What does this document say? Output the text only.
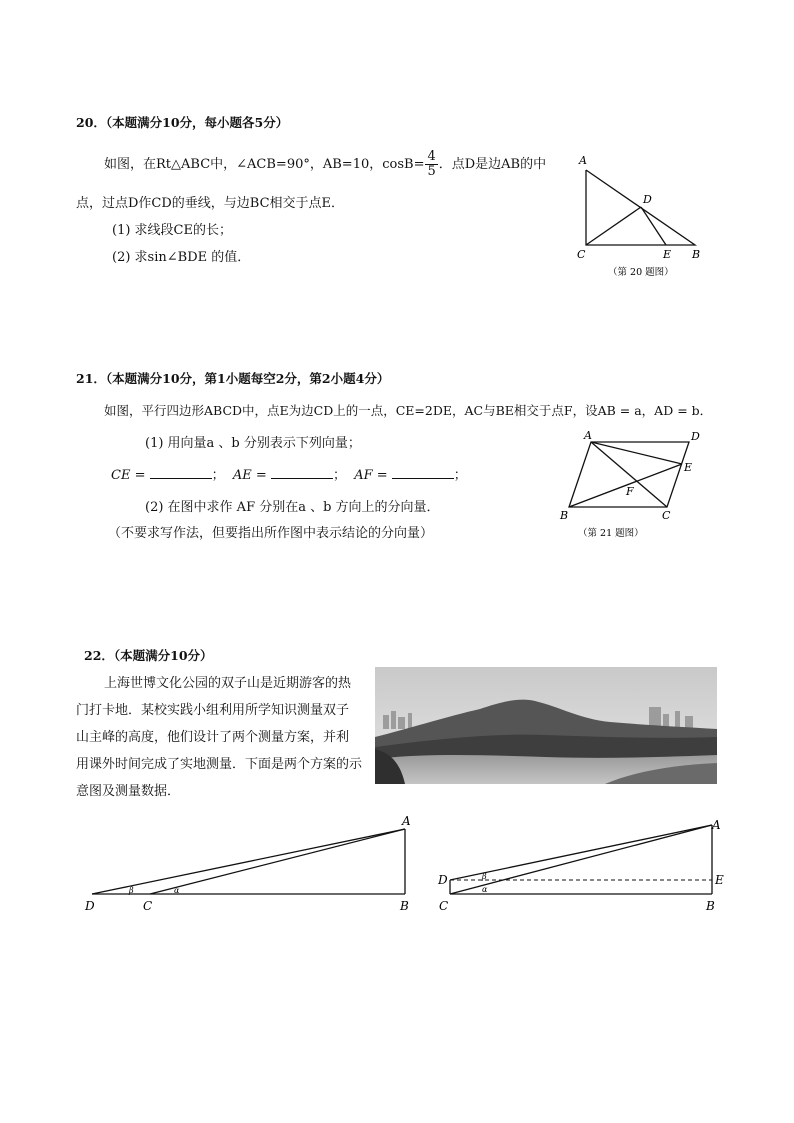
20．（本题满分10分，每小题各5分）
如图，在Rt△ABC中，∠ACB=90°，AB=10，$\cos B= \frac{4}{5}$ ．点D是边AB的中
点，过点D作CD的垂线，与边BC相交于点E．
(1) 求线段CE的长；
(2) 求sin∠BDE 的值．
A
D
C	E B
（第 20 题图）
21．（本题满分10分，第1小题每空2分，第2小题4分）
如图，平行四边形ABCD中，点E为边CD上的一点，CE=2DE，AC与BE相交于点F，设AB = a，AD = b．
(1) 用向量a 、b 分别表示下列向量；
CE =	； AE =	； AF =	；
(2) 在图中求作 AF 分别在a 、b 方向上的分向量．
（不要求写作法，但要指出所作图中表示结论的分向量）
A	D
E
F
B	C
（第 21 题图）
22．（本题满分10分）
上海世博文化公园的双子山是近期游客的热
门打卡地．某校实践小组利用所学知识测量双子
山主峰的高度，他们设计了两个测量方案，并利
用课外时间完成了实地测量．下面是两个方案的示
意图及测量数据．
D	C	B
A
β	α
D
C	B
E
A
β
α
